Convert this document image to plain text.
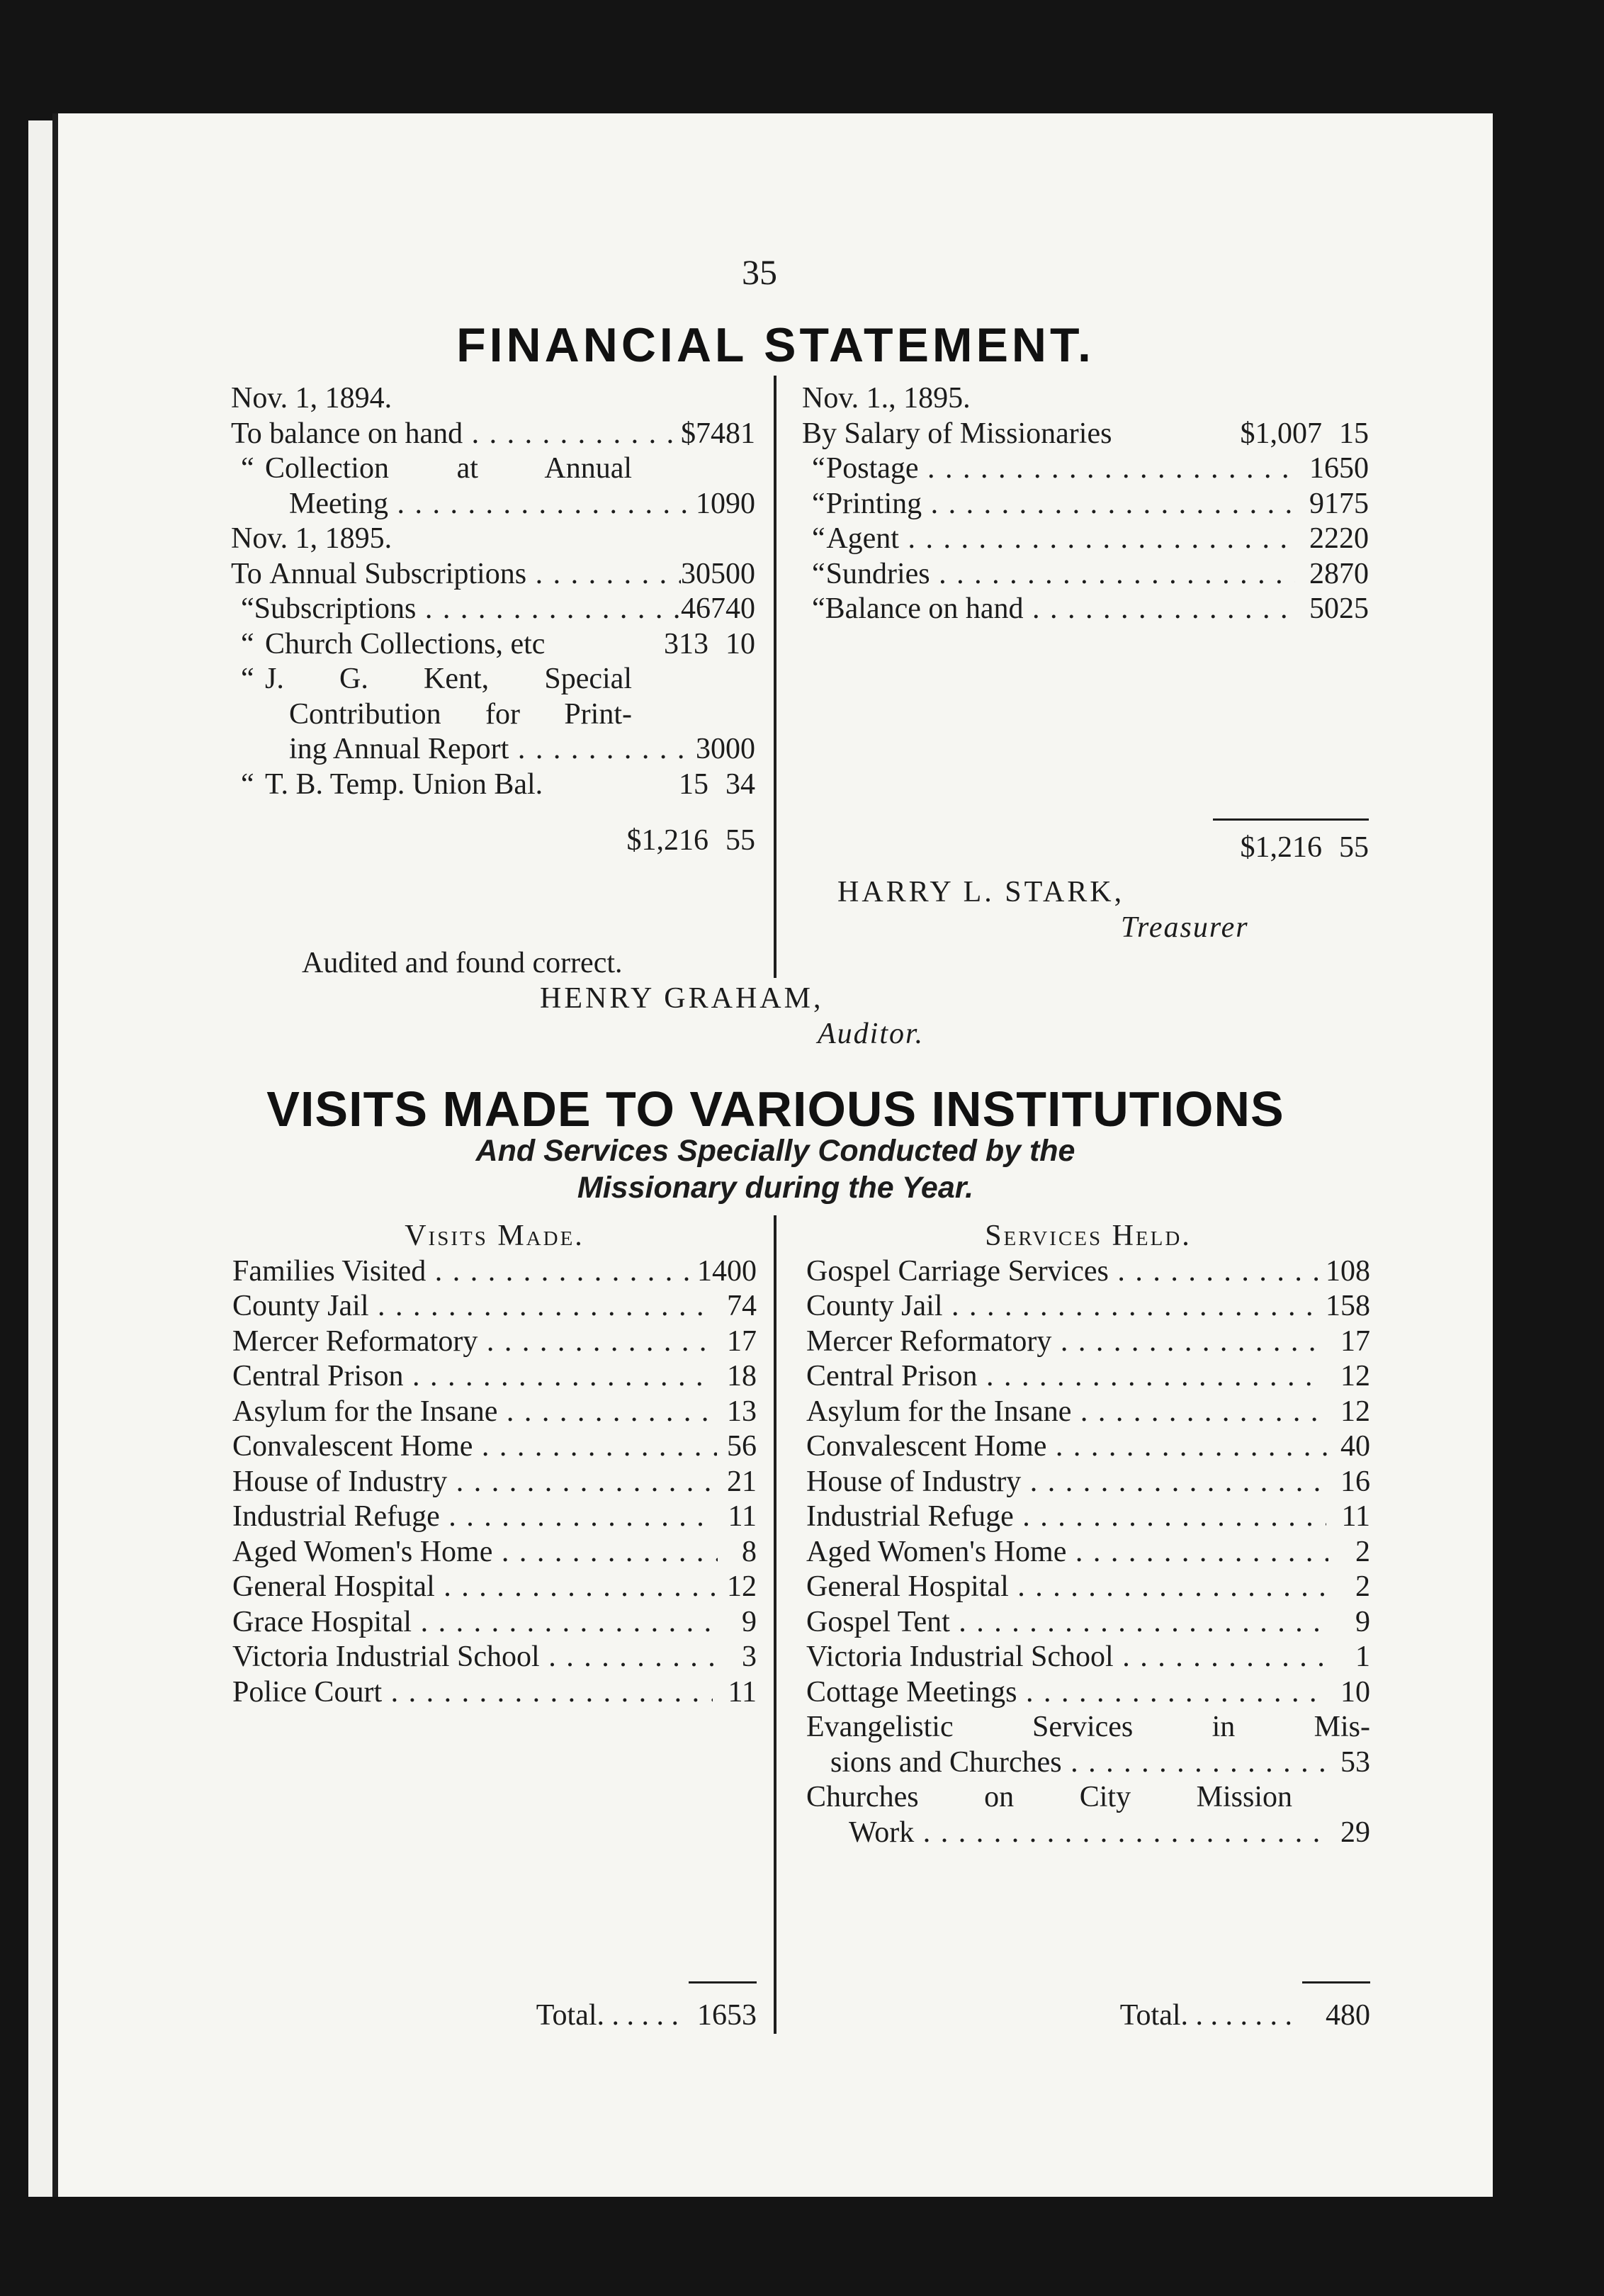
35
FINANCIAL STATEMENT.
Nov. 1, 1894.
To balance on hand . . .	$74 81
“ Collection at Annual
Meeting . . .	10 90
Nov. 1, 1895.
To
Annual Subscriptions . . .	305 00
“ Subscriptions . . .	467 40
“ Church Collections, etc	313 10
“ J. G. Kent, Special
Contribution for Print-
ing Annual Report . . .	30 00
“ T. B. Temp. Union Bal.	15 34
$1,216 55
Nov. 1., 1895.
By Salary of Missionaries	$1,007 15
“ Postage . . .	16 50
“ Printing . . .	91 75
“ Agent . . .	22 20
“ Sundries . . .	28 70
“ Balance on hand . . .	50 25
$1,216 55
HARRY L. STARK,
Treasurer
Audited and found correct.
HENRY GRAHAM,
Auditor.
VISITS MADE TO VARIOUS INSTITUTIONS
And Services Specially Conducted by the
Missionary during the Year.
Visits Made.
Families Visited . . .	1400
County Jail . . .	74
Mercer Reformatory . . .	17
Central Prison . . .	18
Asylum for the Insane . . .	13
Convalescent Home . . .	56
House of Industry . . .	21
Industrial Refuge . . .	11
Aged Women's Home . . .	8
General Hospital . . .	12
Grace Hospital . . .	9
Victoria Industrial School . . .	3
Police Court . . .	11
Total. . . . . . 1653
Services Held.
Gospel Carriage Services . . .	108
County Jail . . .	158
Mercer Reformatory . . .	17
Central Prison . . .	12
Asylum for the Insane . . .	12
Convalescent Home . . .	40
House of Industry . . .	16
Industrial Refuge . . .	11
Aged Women's Home . . .	2
General Hospital . . .	2
Gospel Tent . . .	9
Victoria Industrial School . . .	1
Cottage Meetings . . .	10
Evangelistic Services in Mis-
sions and Churches . . .	53
Churches on City Mission
Work . . .	29
Total. . . . . . . .	480
